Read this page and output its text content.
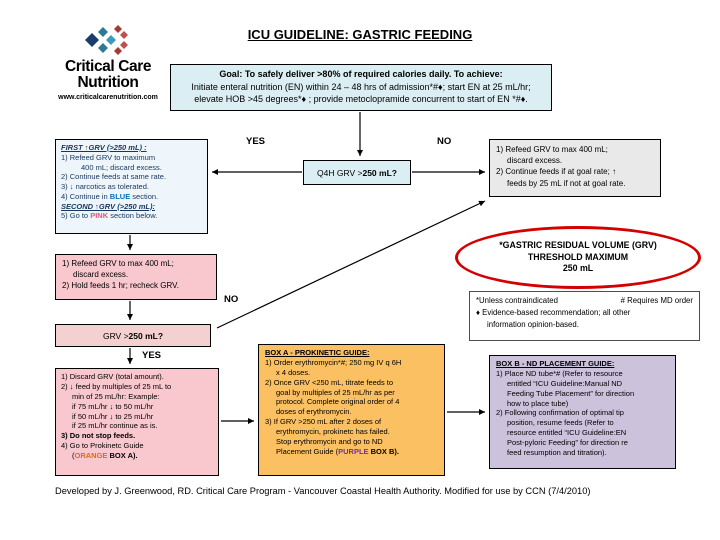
ICU GUIDELINE: GASTRIC FEEDING
Critical Care
Nutrition
www.criticalcarenutrition.com
Goal: To safely deliver >80% of required calories daily. To achieve:
Initiate enteral nutrition (EN) within 24 – 48 hrs of admission*#♦; start EN at 25 mL/hr;
elevate HOB >45 degrees*♦ ; provide metoclopramide concurrent to start of EN *#♦.
FIRST ↑GRV (>250 mL) :
1) Refeed GRV to maximum
400 mL; discard excess.
2) Continue feeds at same rate.
3) ↓ narcotics as tolerated.
4) Continue in BLUE section.
SECOND ↑GRV (>250 mL):
5) Go to PINK section below.
Q4H GRV > 250 mL?
YES	NO
1) Refeed GRV to max 400 mL;
discard excess.
2) Continue feeds if at goal rate; ↑
feeds by 25 mL if not at goal rate.
*GASTRIC RESIDUAL VOLUME (GRV)
THRESHOLD MAXIMUM
250 mL
*Unless contraindicated	# Requires MD order
♦ Evidence-based recommendation; all other
information opinion-based.
1) Refeed GRV to max 400 mL;
discard excess.
2) Hold feeds 1 hr; recheck GRV.
NO
GRV > 250 mL?
YES
1) Discard GRV (total amount).
2) ↓ feed by multiples of 25 mL to
min of 25 mL/hr: Example:
if 75 mL/hr ↓ to 50 mL/hr
if 50 mL/hr ↓ to 25 mL/hr
if 25 mL/hr continue as is.
3) Do not stop feeds.
4) Go to Prokinetc Guide
(ORANGE BOX A).
BOX A - PROKINETIC GUIDE:
1) Order erythromycin*#; 250 mg IV q 6H
x 4 doses.
2) Once GRV <250 mL, titrate feeds to
goal by multiples of 25 mL/hr as per
protocol. Complete original order of 4
doses of erythromycin.
3) If GRV >250 mL after 2 doses of
erythromycin, prokinetc has failed.
Stop erythromycin and go to ND
Placement Guide (PURPLE BOX B).
BOX B - ND PLACEMENT GUIDE:
1) Place ND tube*# (Refer to resource
entitled “ICU Guideline:Manual ND
Feeding Tube Placement” for direction
how to place tube)
2) Following confirmation of optimal tip
position, resume feeds (Refer to
resource entitled “ICU Guideline:EN
Post-pyloric Feeding” for direction re
feed resumption and titration).
Developed by J. Greenwood, RD. Critical Care Program - Vancouver Coastal Health Authority. Modified for use by CCN (7/4/2010)
